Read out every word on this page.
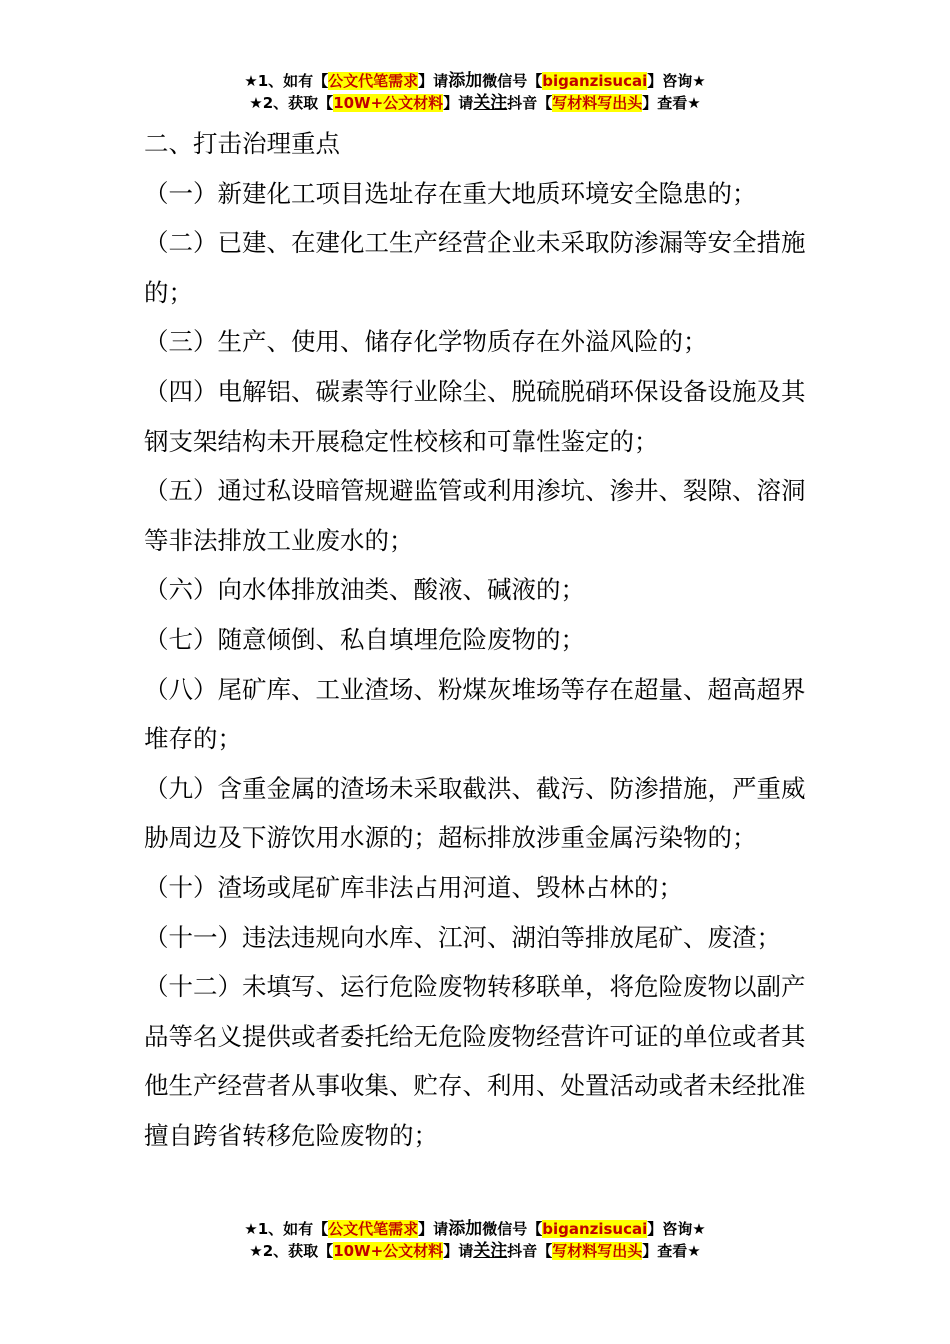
★1、如有【公文代笔需求】请添加微信号【biganzisucai】咨询★
★2、获取【10W+公文材料】请关注抖音【写材料写出头】查看★

二、打击治理重点

（一）新建化工项目选址存在重大地质环境安全隐患的；

（二）已建、在建化工生产经营企业未采取防渗漏等安全措施的；

（三）生产、使用、储存化学物质存在外溢风险的；

（四）电解铝、碳素等行业除尘、脱硫脱硝环保设备设施及其钢支架结构未开展稳定性校核和可靠性鉴定的；

（五）通过私设暗管规避监管或利用渗坑、渗井、裂隙、溶洞等非法排放工业废水的；

（六）向水体排放油类、酸液、碱液的；

（七）随意倾倒、私自填埋危险废物的；

（八）尾矿库、工业渣场、粉煤灰堆场等存在超量、超高超界堆存的；

（九）含重金属的渣场未采取截洪、截污、防渗措施，严重威胁周边及下游饮用水源的；超标排放涉重金属污染物的；

（十）渣场或尾矿库非法占用河道、毁林占林的；

（十一）违法违规向水库、江河、湖泊等排放尾矿、废渣；

（十二）未填写、运行危险废物转移联单，将危险废物以副产品等名义提供或者委托给无危险废物经营许可证的单位或者其他生产经营者从事收集、贮存、利用、处置活动或者未经批准擅自跨省转移危险废物的；

★1、如有【公文代笔需求】请添加微信号【biganzisucai】咨询★
★2、获取【10W+公文材料】请关注抖音【写材料写出头】查看★
